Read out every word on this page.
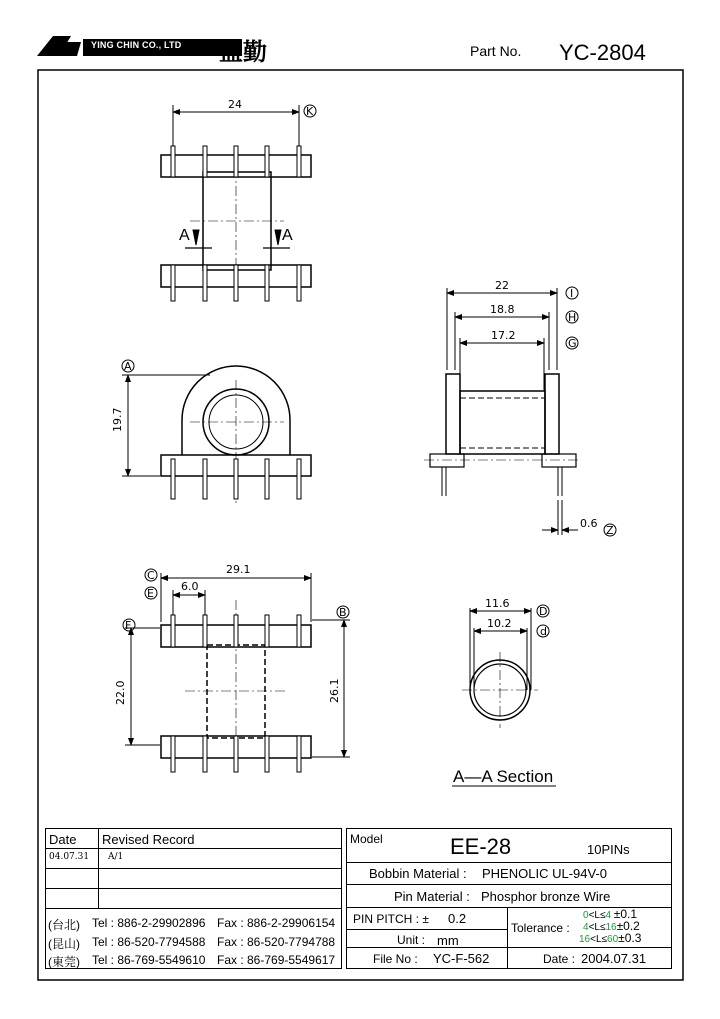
YING CHIN CO., LTD 盈勤	Part No. YC-2804
24
K
A	A
22
18.8
17.2
I
H
G
0.6
Z
19.7
A
29.1
6.0
22.0	26.1
C
E
F
B
11.6
10.2
D
d
A—A Section
Date Revised Record
04.07.31 A/1
(台北) Tel : 886-2-29902896 Fax : 886-2-29906154
(昆山) Tel : 86-520-7794588 Fax : 86-520-7794788
(東莞) Tel : 86-769-5549610 Fax : 86-769-5549617
Model	EE-28	10PINs
Bobbin Material : PHENOLIC UL-94V-0
Pin Material : Phosphor bronze Wire
PIN PITCH : ± 0.2
Unit : mm
File No : YC-F-562
Tolerance :
0<L≤4 ±0.1
4<L≤16±0.2
16<L≤60±0.3
Date : 2004.07.31
